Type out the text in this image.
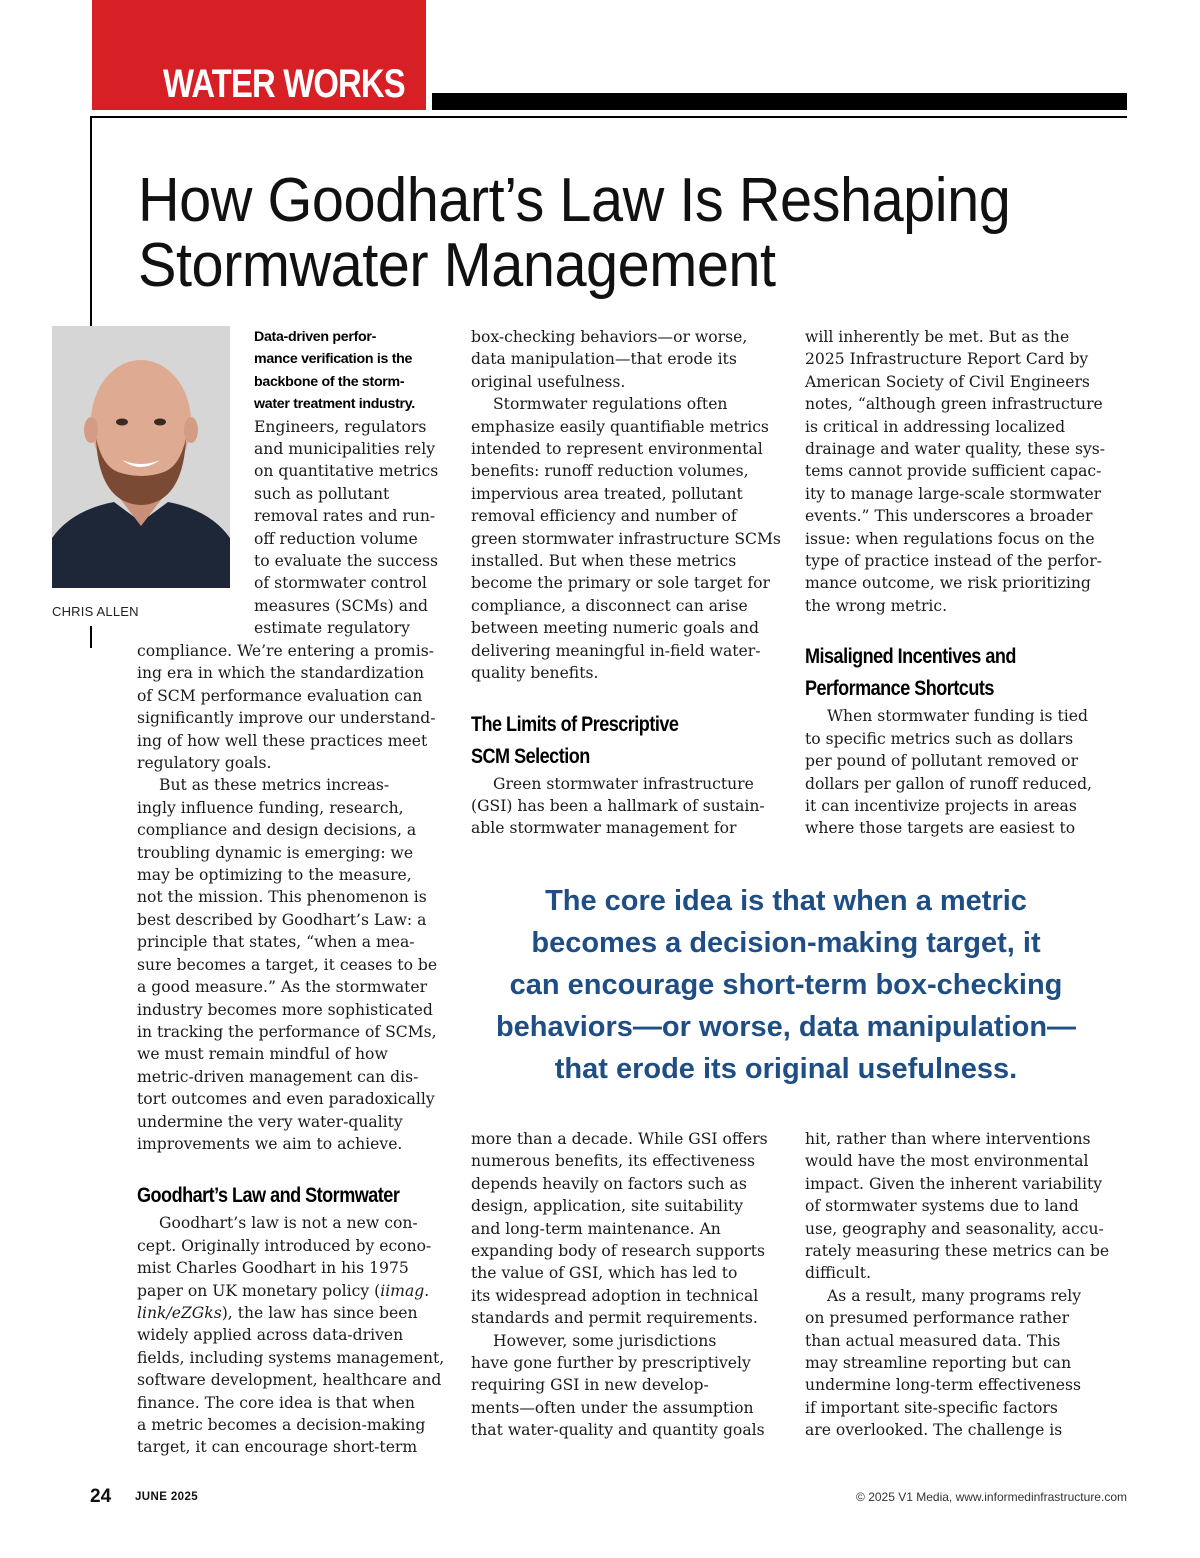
WATER WORKS
How Goodhart’s Law Is Reshaping
Stormwater Management
CHRIS ALLEN

Data-driven perfor-
mance verification is the
backbone of the storm-
water treatment industry.

Engineers, regulators
and municipalities rely
on quantitative metrics
such as pollutant
removal rates and run-
off reduction volume
to evaluate the success
of stormwater control
measures (SCMs) and
estimate regulatory

compliance. We’re entering a promis-
ing era in which the standardization
of SCM performance evaluation can
significantly improve our understand-
ing of how well these practices meet
regulatory goals.

But as these metrics increas-
ingly influence funding, research,
compliance and design decisions, a
troubling dynamic is emerging: we
may be optimizing to the measure,
not the mission. This phenomenon is
best described by Goodhart’s Law: a
principle that states, “when a mea-
sure becomes a target, it ceases to be
a good measure.” As the stormwater
industry becomes more sophisticated
in tracking the performance of SCMs,
we must remain mindful of how
metric-driven management can dis-
tort outcomes and even paradoxically
undermine the very water-quality
improvements we aim to achieve.

Goodhart’s Law and Stormwater

Goodhart’s law is not a new con-
cept. Originally introduced by econo-
mist Charles Goodhart in his 1975
paper on UK monetary policy (iimag.
link/eZGks), the law has since been
widely applied across data-driven
fields, including systems management,
software development, healthcare and
finance. The core idea is that when
a metric becomes a decision-making
target, it can encourage short-term

box-checking behaviors—or worse,
data manipulation—that erode its
original usefulness.

Stormwater regulations often
emphasize easily quantifiable metrics
intended to represent environmental
benefits: runoff reduction volumes,
impervious area treated, pollutant
removal efficiency and number of
green stormwater infrastructure SCMs
installed. But when these metrics
become the primary or sole target for
compliance, a disconnect can arise
between meeting numeric goals and
delivering meaningful in-field water-
quality benefits.

The Limits of Prescriptive
SCM Selection

Green stormwater infrastructure
(GSI) has been a hallmark of sustain-
able stormwater management for

will inherently be met. But as the
2025 Infrastructure Report Card by
American Society of Civil Engineers
notes, “although green infrastructure
is critical in addressing localized
drainage and water quality, these sys-
tems cannot provide sufficient capac-
ity to manage large-scale stormwater
events.” This underscores a broader
issue: when regulations focus on the
type of practice instead of the perfor-
mance outcome, we risk prioritizing
the wrong metric.

Misaligned Incentives and
Performance Shortcuts

When stormwater funding is tied
to specific metrics such as dollars
per pound of pollutant removed or
dollars per gallon of runoff reduced,
it can incentivize projects in areas
where those targets are easiest to

The core idea is that when a metric
becomes a decision-making target, it
can encourage short-term box-checking
behaviors—or worse, data manipulation—
that erode its original usefulness.

more than a decade. While GSI offers
numerous benefits, its effectiveness
depends heavily on factors such as
design, application, site suitability
and long-term maintenance. An
expanding body of research supports
the value of GSI, which has led to
its widespread adoption in technical
standards and permit requirements.

However, some jurisdictions
have gone further by prescriptively
requiring GSI in new develop-
ments—often under the assumption
that water-quality and quantity goals

hit, rather than where interventions
would have the most environmental
impact. Given the inherent variability
of stormwater systems due to land
use, geography and seasonality, accu-
rately measuring these metrics can be
difficult.

As a result, many programs rely
on presumed performance rather
than actual measured data. This
may streamline reporting but can
undermine long-term effectiveness
if important site-specific factors
are overlooked. The challenge is

24 JUNE 2025	© 2025 V1 Media, www.informedinfrastructure.com
